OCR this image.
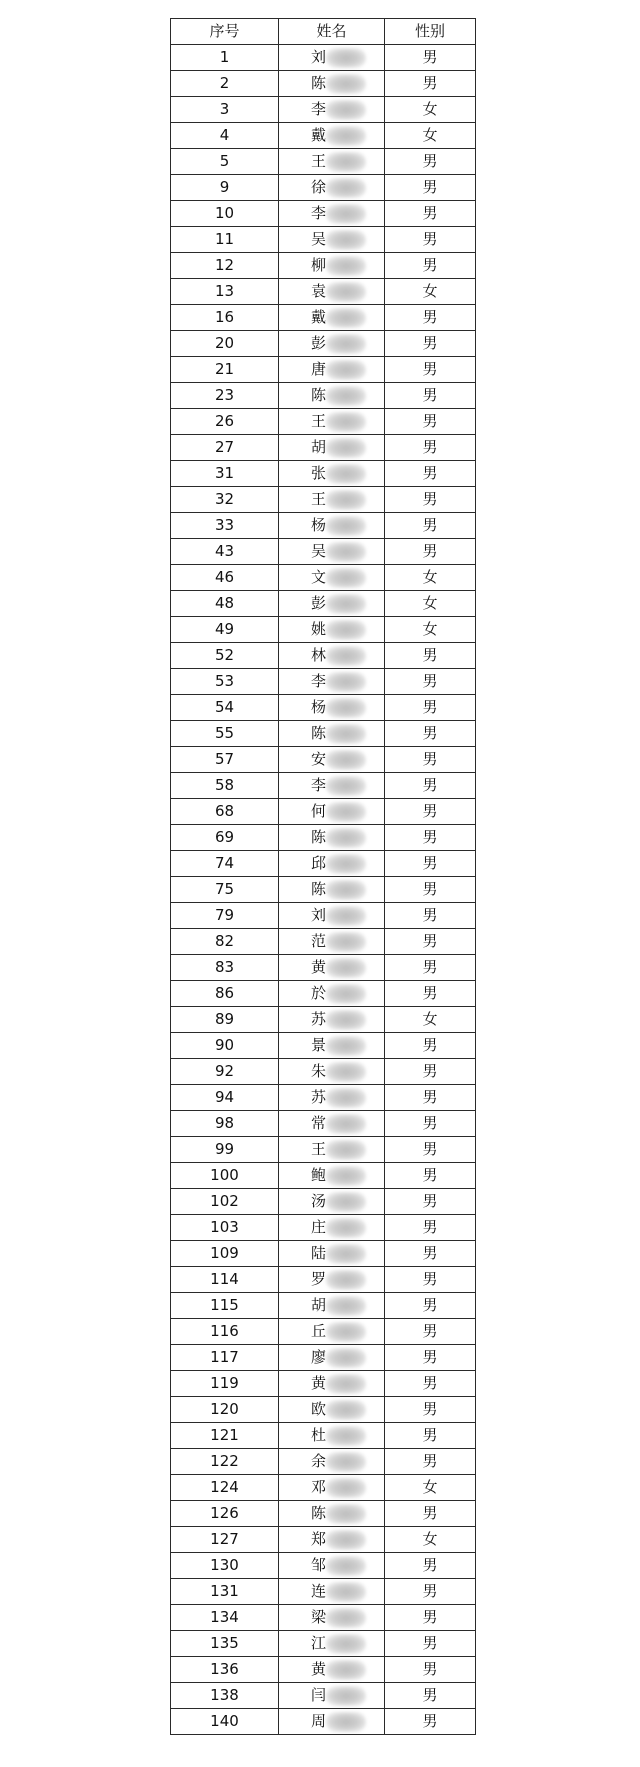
序号	姓名	性别
1	刘	男
2	陈	男
3	李	女
4	戴	女
5	王	男
9	徐	男
10	李	男
11	吴	男
12	柳	男
13	袁	女
16	戴	男
20	彭	男
21	唐	男
23	陈	男
26	王	男
27	胡	男
31	张	男
32	王	男
33	杨	男
43	吴	男
46	文	女
48	彭	女
49	姚	女
52	林	男
53	李	男
54	杨	男
55	陈	男
57	安	男
58	李	男
68	何	男
69	陈	男
74	邱	男
75	陈	男
79	刘	男
82	范	男
83	黄	男
86	於	男
89	苏	女
90	景	男
92	朱	男
94	苏	男
98	常	男
99	王	男
100	鲍	男
102	汤	男
103	庄	男
109	陆	男
114	罗	男
115	胡	男
116	丘	男
117	廖	男
119	黄	男
120	欧	男
121	杜	男
122	余	男
124	邓	女
126	陈	男
127	郑	女
130	邹	男
131	连	男
134	梁	男
135	江	男
136	黄	男
138	闫	男
140	周	男
